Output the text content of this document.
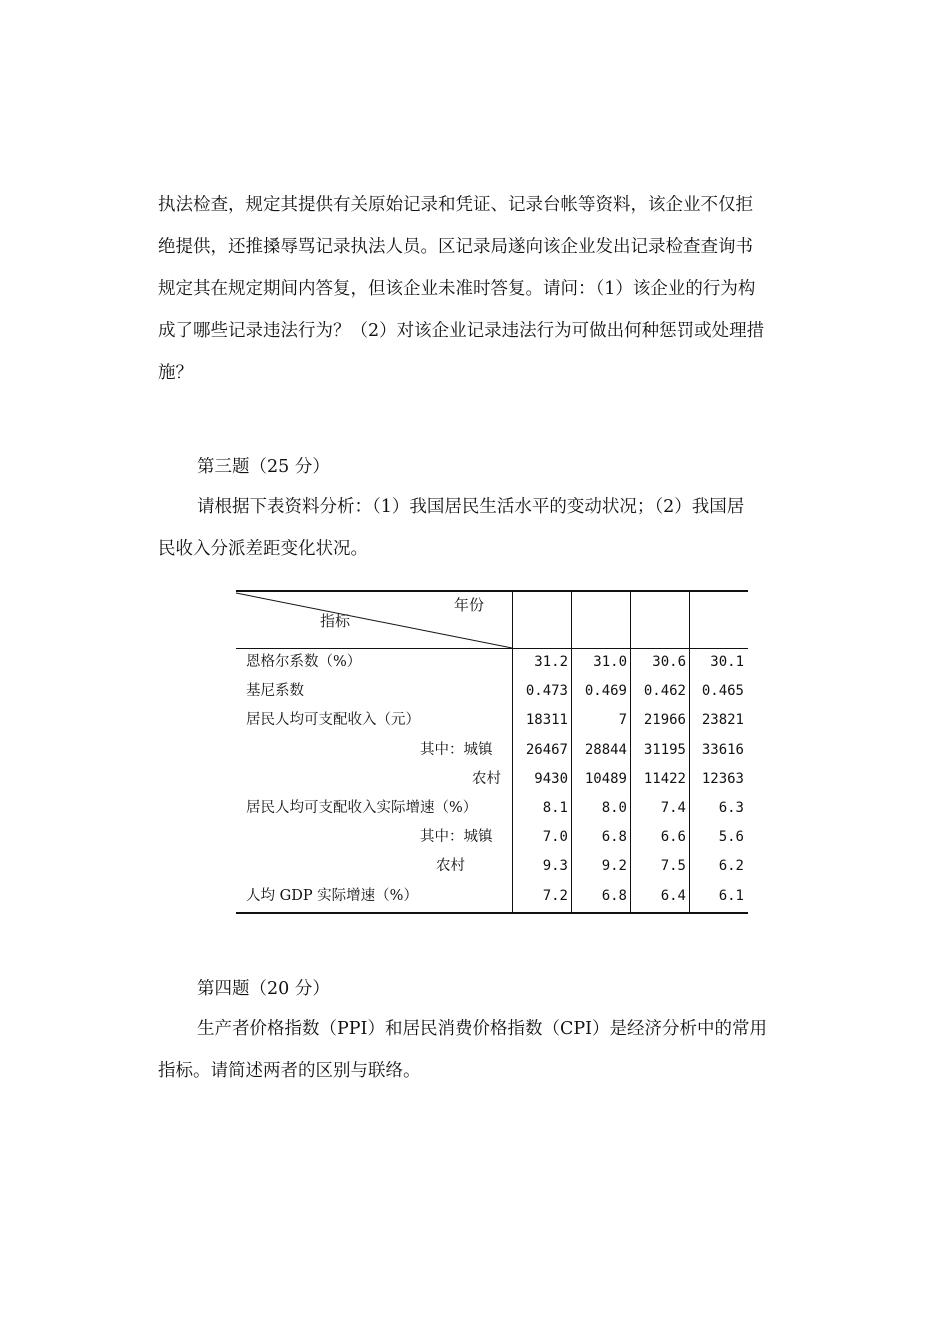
执法检查，规定其提供有关原始记录和凭证、记录台帐等资料，该企业不仅拒
绝提供，还推搡辱骂记录执法人员。区记录局遂向该企业发出记录检查查询书
规定其在规定期间内答复，但该企业未准时答复。请问：（1）该企业的行为构
成了哪些记录违法行为？（2）对该企业记录违法行为可做出何种惩罚或处理措
施？
第三题（25 分）
请根据下表资料分析：（1）我国居民生活水平的变动状况；（2）我国居
民收入分派差距变化状况。
年份
指标
恩格尔系数（%）	31.2	31.0	30.6	30.1
基尼系数	0.473	0.469	0.462	0.465
居民人均可支配收入（元）	18311	7	21966	23821
其中：城镇	26467	28844	31195	33616
农村	9430	10489	11422	12363
居民人均可支配收入实际增速（%）	8.1	8.0	7.4	6.3
其中：城镇	7.0	6.8	6.6	5.6
农村	9.3	9.2	7.5	6.2
人均 GDP 实际增速（%）	7.2	6.8	6.4	6.1
第四题（20 分）
生产者价格指数（PPI）和居民消费价格指数（CPI）是经济分析中的常用
指标。请简述两者的区别与联络。
